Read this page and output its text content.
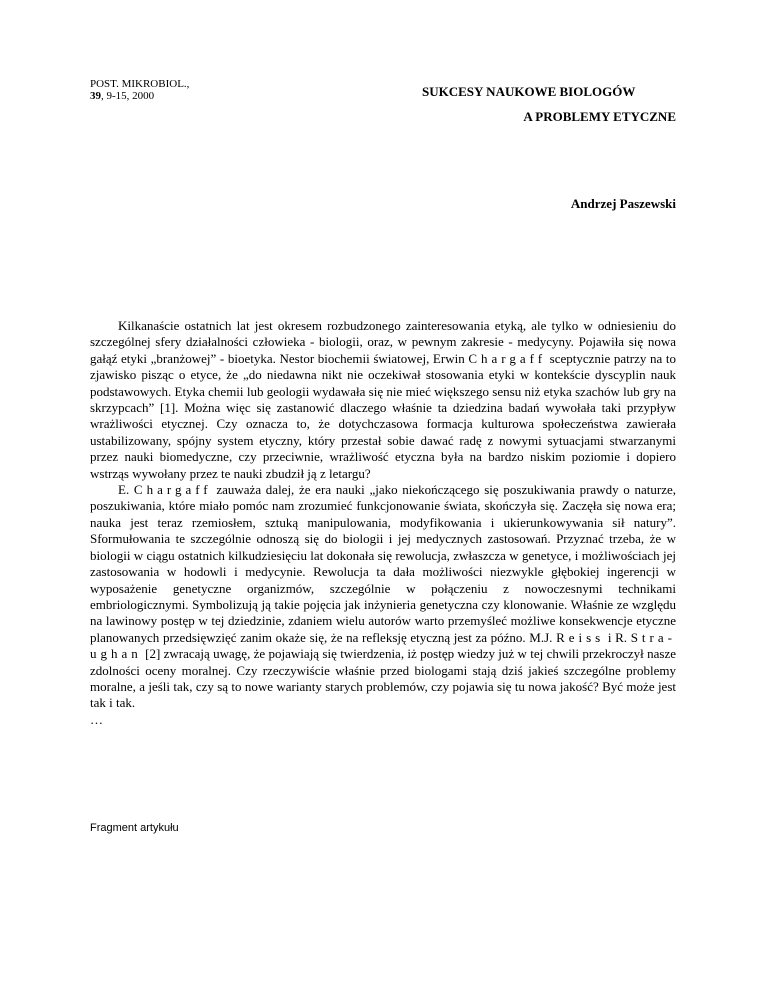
POST. MIKROBIOL.,
39, 9-15, 2000	SUKCESY NAUKOWE BIOLOGÓW
A PROBLEMY ETYCZNE
Andrzej Paszewski

Kilkanaście ostatnich lat jest okresem rozbudzonego zainteresowania etyką, ale tylko w odniesieniu do szczególnej sfery działalności człowieka - biologii, oraz, w pewnym zakresie - medycyny. Pojawiła się nowa gałąź etyki „branżowej” - bioetyka. Nestor biochemii światowej, Erwin Chargaff sceptycznie patrzy na to zjawisko pisząc o etyce, że „do niedawna nikt nie oczekiwał stosowania etyki w kontekście dyscyplin nauk podstawowych. Etyka chemii lub geologii wydawała się nie mieć większego sensu niż etyka szachów lub gry na skrzypcach” [1]. Można więc się zastanowić dlaczego właśnie ta dziedzina badań wywołała taki przypływ wrażliwości etycznej. Czy oznacza to, że dotychczasowa formacja kulturowa społeczeństwa zawierała ustabilizowany, spójny system etyczny, który przestał sobie dawać radę z nowymi sytuacjami stwarzanymi przez nauki biomedyczne, czy przeciwnie, wrażliwość etyczna była na bardzo niskim poziomie i dopiero wstrząs wywołany przez te nauki zbudził ją z letargu?

E. Chargaff zauważa dalej, że era nauki „jako niekończącego się poszukiwania prawdy o naturze, poszukiwania, które miało pomóc nam zrozumieć funkcjonowanie świata, skończyła się. Zaczęła się nowa era; nauka jest teraz rzemiosłem, sztuką manipulowania, modyfikowania i ukierunkowywania sił natury”. Sformułowania te szczególnie odnoszą się do biologii i jej medycznych zastosowań. Przyznać trzeba, że w biologii w ciągu ostatnich kilkudziesięciu lat dokonała się rewolucja, zwłaszcza w genetyce, i możliwościach jej zastosowania w hodowli i medycynie. Rewolucja ta dała możliwości niezwykle głębokiej ingerencji w wyposażenie genetyczne organizmów, szczególnie w połączeniu z nowoczesnymi technikami embriologicznymi. Symbolizują ją takie pojęcia jak inżynieria genetyczna czy klonowanie. Właśnie ze względu na lawinowy postęp w tej dziedzinie, zdaniem wielu autorów warto przemyśleć możliwe konsekwencje etyczne planowanych przedsięwzięć zanim okaże się, że na refleksję etyczną jest za późno. M.J. Reiss i R. Stra-ughan [2] zwracają uwagę, że pojawiają się twierdzenia, iż postęp wiedzy już w tej chwili przekroczył nasze zdolności oceny moralnej. Czy rzeczywiście właśnie przed biologami stają dziś jakieś szczególne problemy moralne, a jeśli tak, czy są to nowe warianty starych problemów, czy pojawia się tu nowa jakość? Być może jest tak i tak.

…
Fragment artykułu
